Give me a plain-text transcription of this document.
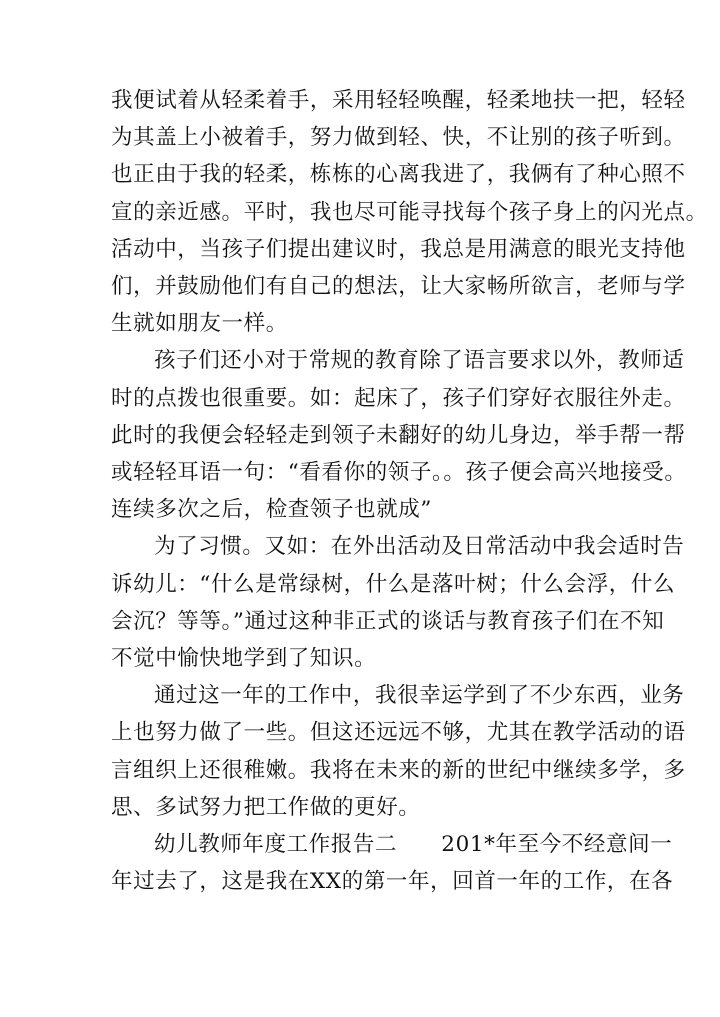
我便试着从轻柔着手，采用轻轻唤醒，轻柔地扶一把，轻轻
为其盖上小被着手，努力做到轻、快，不让别的孩子听到。
也正由于我的轻柔，栋栋的心离我进了，我俩有了种心照不
宣的亲近感。平时，我也尽可能寻找每个孩子身上的闪光点。
活动中，当孩子们提出建议时，我总是用满意的眼光支持他
们，并鼓励他们有自己的想法，让大家畅所欲言，老师与学
生就如朋友一样。
孩子们还小对于常规的教育除了语言要求以外，教师适
时的点拨也很重要。如：起床了，孩子们穿好衣服往外走。
此时的我便会轻轻走到领子未翻好的幼儿身边，举手帮一帮
或轻轻耳语一句：“看看你的领子。。孩子便会高兴地接受。
连续多次之后，检查领子也就成”
为了习惯。又如：在外出活动及日常活动中我会适时告
诉幼儿：“什么是常绿树，什么是落叶树；什么会浮，什么
会沉？等等。”通过这种非正式的谈话与教育孩子们在不知
不觉中愉快地学到了知识。
通过这一年的工作中，我很幸运学到了不少东西，业务
上也努力做了一些。但这还远远不够，尤其在教学活动的语
言组织上还很稚嫩。我将在未来的新的世纪中继续多学，多
思、多试努力把工作做的更好。
幼儿教师年度工作报告二　　201*年至今不经意间一
年过去了，这是我在XX的第一年，回首一年的工作，在各
